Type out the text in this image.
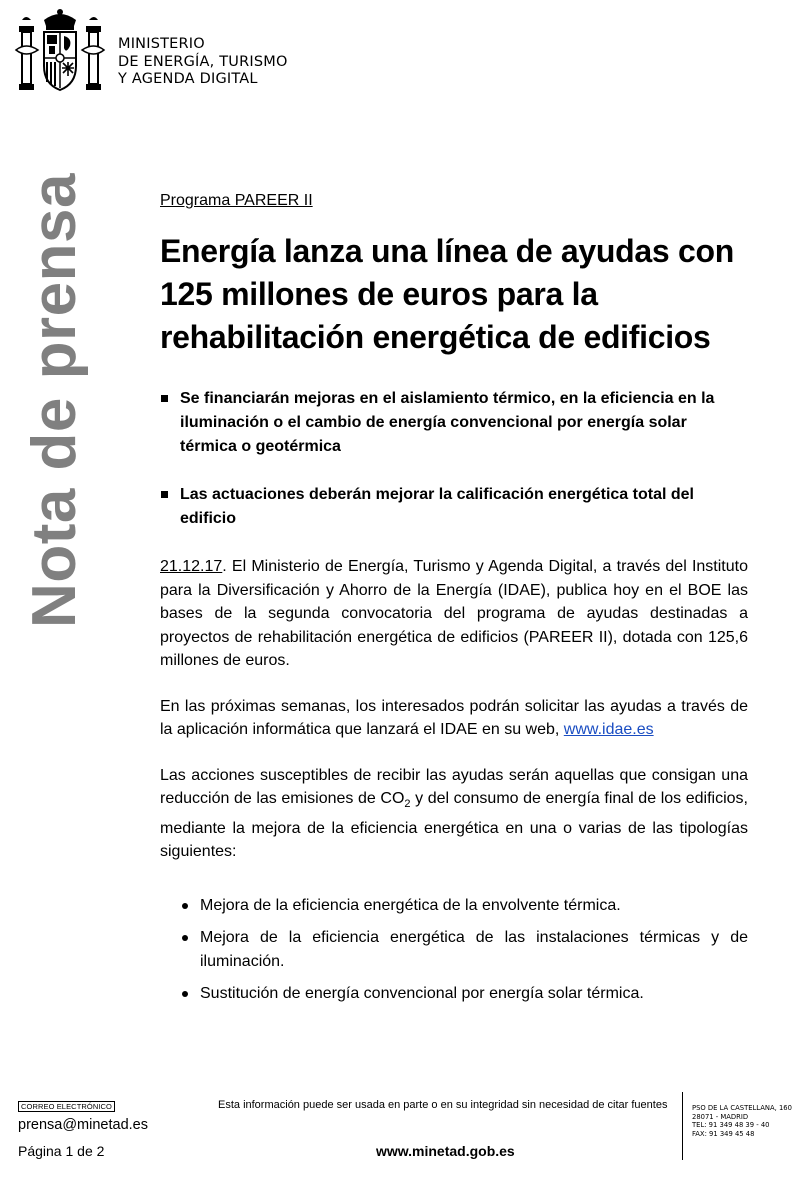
MINISTERIO
DE ENERGÍA, TURISMO
Y AGENDA DIGITAL
Nota de prensa	Programa PAREER II

Energía lanza una línea de ayudas con
125 millones de euros para la
rehabilitación energética de edificios
Se financiarán mejoras en el aislamiento térmico, en la eficiencia en la iluminación o el cambio de energía convencional por energía solar térmica o geotérmica
Las actuaciones deberán mejorar la calificación energética total del edificio

21.12.17. El Ministerio de Energía, Turismo y Agenda Digital, a través del Instituto para la Diversificación y Ahorro de la Energía (IDAE), publica hoy en el BOE las bases de la segunda convocatoria del programa de ayudas destinadas a proyectos de rehabilitación energética de edificios (PAREER II), dotada con 125,6 millones de euros.

En las próximas semanas, los interesados podrán solicitar las ayudas a través de la aplicación informática que lanzará el IDAE en su web, www.idae.es

Las acciones susceptibles de recibir las ayudas serán aquellas que consigan una reducción de las emisiones de $CO_2$ y del consumo de energía final de los edificios, mediante la mejora de la eficiencia energética en una o varias de las tipologías siguientes:

Mejora de la eficiencia energética de la envolvente térmica.
Mejora de la eficiencia energética de las instalaciones térmicas y de iluminación.
Sustitución de energía convencional por energía solar térmica.
CORREO ELECTRÓNICO
prensa@minetad.es
Página 1 de 2
Esta información puede ser usada en parte o en su integridad sin necesidad de citar fuentes
www.minetad.gob.es
PSO DE LA CASTELLANA, 160
28071 - MADRID
TEL: 91 349 48 39 - 40
FAX: 91 349 45 48
